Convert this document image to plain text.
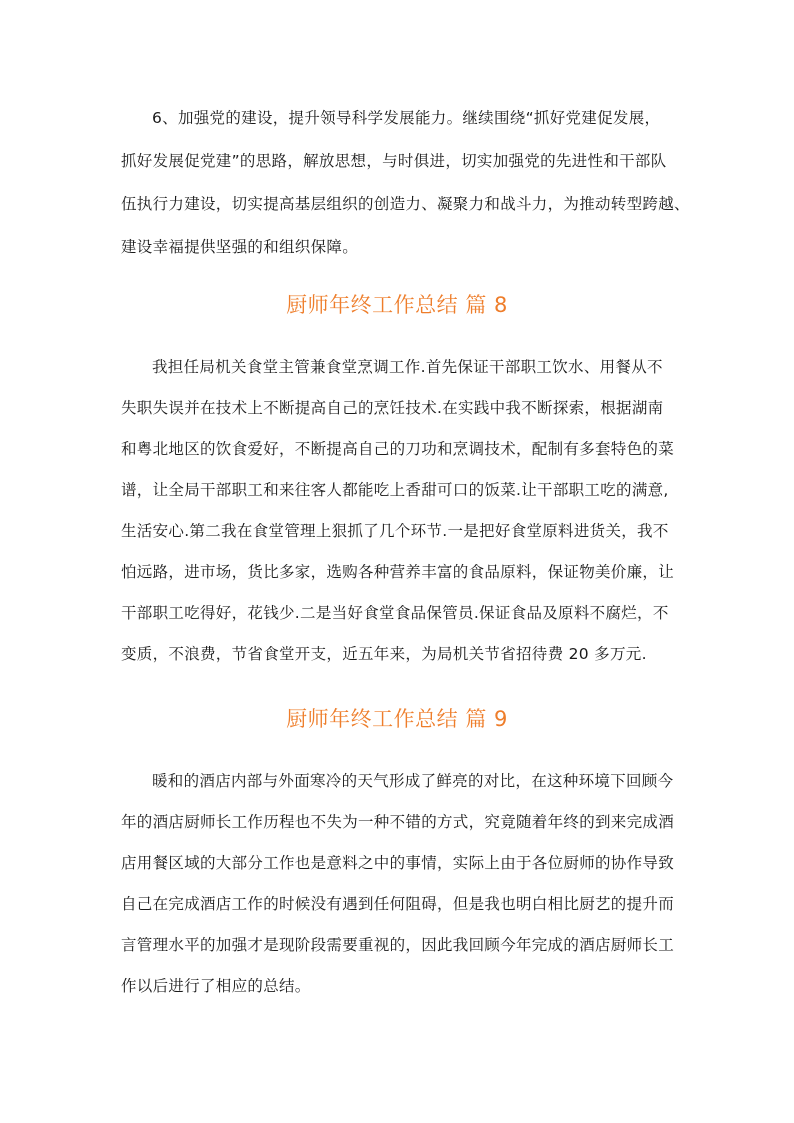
6、加强党的建设，提升领导科学发展能力。继续围绕“抓好党建促发展，
抓好发展促党建”的思路，解放思想，与时俱进，切实加强党的先进性和干部队
伍执行力建设，切实提高基层组织的创造力、凝聚力和战斗力，为推动转型跨越、
建设幸福提供坚强的和组织保障。
厨师年终工作总结 篇 8
我担任局机关食堂主管兼食堂烹调工作.首先保证干部职工饮水、用餐从不
失职失误并在技术上不断提高自己的烹饪技术.在实践中我不断探索，根据湖南
和粤北地区的饮食爱好，不断提高自己的刀功和烹调技术，配制有多套特色的菜
谱，让全局干部职工和来往客人都能吃上香甜可口的饭菜.让干部职工吃的满意,
生活安心.第二我在食堂管理上狠抓了几个环节.一是把好食堂原料进货关，我不
怕远路，进市场，货比多家，选购各种营养丰富的食品原料，保证物美价廉，让
干部职工吃得好，花钱少.二是当好食堂食品保管员.保证食品及原料不腐烂，不
变质，不浪费，节省食堂开支，近五年来，为局机关节省招待费 20 多万元.
厨师年终工作总结 篇 9
暖和的酒店内部与外面寒冷的天气形成了鲜亮的对比，在这种环境下回顾今
年的酒店厨师长工作历程也不失为一种不错的方式，究竟随着年终的到来完成酒
店用餐区域的大部分工作也是意料之中的事情，实际上由于各位厨师的协作导致
自己在完成酒店工作的时候没有遇到任何阻碍，但是我也明白相比厨艺的提升而
言管理水平的加强才是现阶段需要重视的，因此我回顾今年完成的酒店厨师长工
作以后进行了相应的总结。
